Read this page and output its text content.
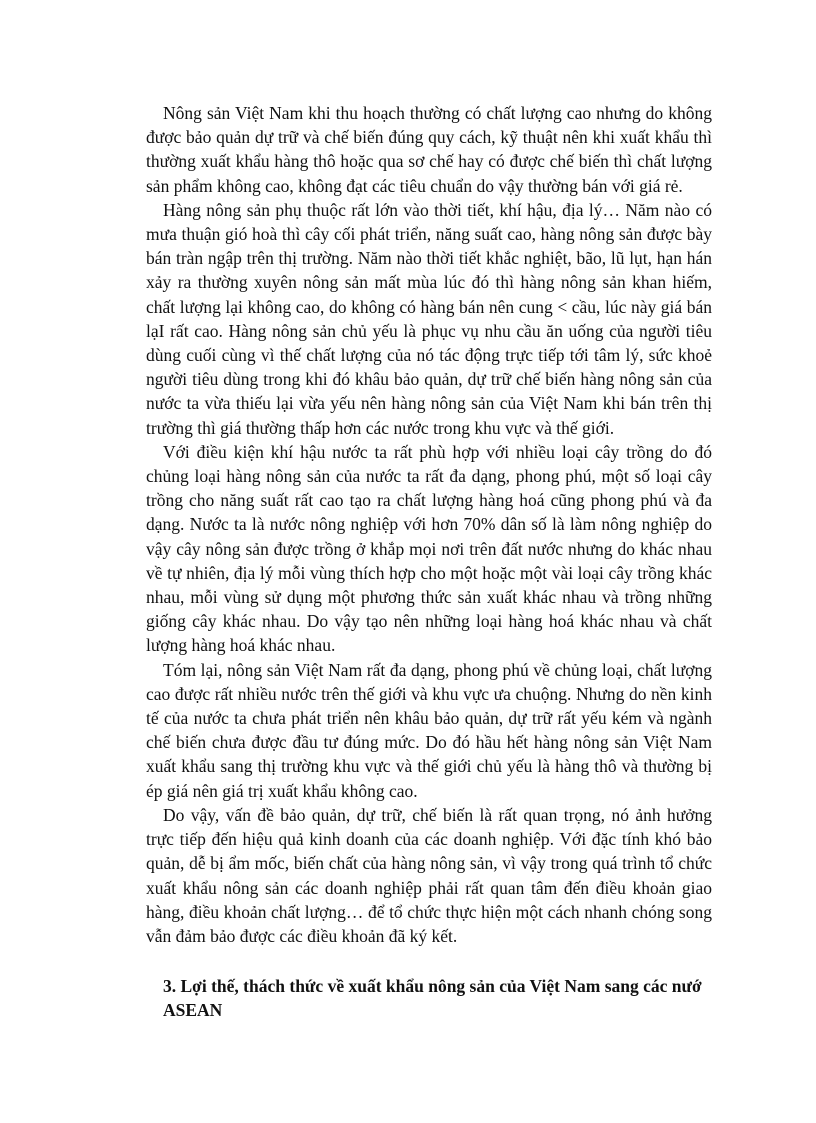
Nông sản Việt Nam khi thu hoạch thường có chất lượng cao nhưng do không được bảo quản dự trữ và chế biến đúng quy cách, kỹ thuật nên khi xuất khẩu thì thường xuất khẩu hàng thô hoặc qua sơ chế hay có được chế biến thì chất lượng sản phẩm không cao, không đạt các tiêu chuẩn do vậy thường bán với giá rẻ.

Hàng nông sản phụ thuộc rất lớn vào thời tiết, khí hậu, địa lý… Năm nào có mưa thuận gió hoà thì cây cối phát triển, năng suất cao, hàng nông sản được bày bán tràn ngập trên thị trường. Năm nào thời tiết khắc nghiệt, bão, lũ lụt, hạn hán xảy ra thường xuyên nông sản mất mùa lúc đó thì hàng nông sản khan hiếm, chất lượng lại không cao, do không có hàng bán nên cung < cầu, lúc này giá bán lạI rất cao. Hàng nông sản chủ yếu là phục vụ nhu cầu ăn uống của người tiêu dùng cuối cùng vì thế chất lượng của nó tác động trực tiếp tới tâm lý, sức khoẻ người tiêu dùng trong khi đó khâu bảo quản, dự trữ chế biến hàng nông sản của nước ta vừa thiếu lại vừa yếu nên hàng nông sản của Việt Nam khi bán trên thị trường thì giá thường thấp hơn các nước trong khu vực và thế giới.

Với điều kiện khí hậu nước ta rất phù hợp với nhiều loại cây trồng do đó chủng loại hàng nông sản của nước ta rất đa dạng, phong phú, một số loại cây trồng cho năng suất rất cao tạo ra chất lượng hàng hoá cũng phong phú và đa dạng. Nước ta là nước nông nghiệp với hơn 70% dân số là làm nông nghiệp do vậy cây nông sản được trồng ở khắp mọi nơi trên đất nước nhưng do khác nhau về tự nhiên, địa lý mỗi vùng thích hợp cho một hoặc một vài loại cây trồng khác nhau, mỗi vùng sử dụng một phương thức sản xuất khác nhau và trồng những giống cây khác nhau. Do vậy tạo nên những loại hàng hoá khác nhau và chất lượng hàng hoá khác nhau.

Tóm lại, nông sản Việt Nam rất đa dạng, phong phú về chủng loại, chất lượng cao được rất nhiều nước trên thế giới và khu vực ưa chuộng. Nhưng do nền kinh tế của nước ta chưa phát triển nên khâu bảo quản, dự trữ rất yếu kém và ngành chế biến chưa được đầu tư đúng mức. Do đó hầu hết hàng nông sản Việt Nam xuất khẩu sang thị trường khu vực và thế giới chủ yếu là hàng thô và thường bị ép giá nên giá trị xuất khẩu không cao.

Do vậy, vấn đề bảo quản, dự trữ, chế biến là rất quan trọng, nó ảnh hưởng trực tiếp đến hiệu quả kinh doanh của các doanh nghiệp. Với đặc tính khó bảo quản, dễ bị ẩm mốc, biến chất của hàng nông sản, vì vậy trong quá trình tổ chức xuất khẩu nông sản các doanh nghiệp phải rất quan tâm đến điều khoản giao hàng, điều khoản chất lượng… để tổ chức thực hiện một cách nhanh chóng song vẫn đảm bảo được các điều khoản đã ký kết.

3. Lợi thế, thách thức về xuất khẩu nông sản của Việt Nam sang các nướ ASEAN
